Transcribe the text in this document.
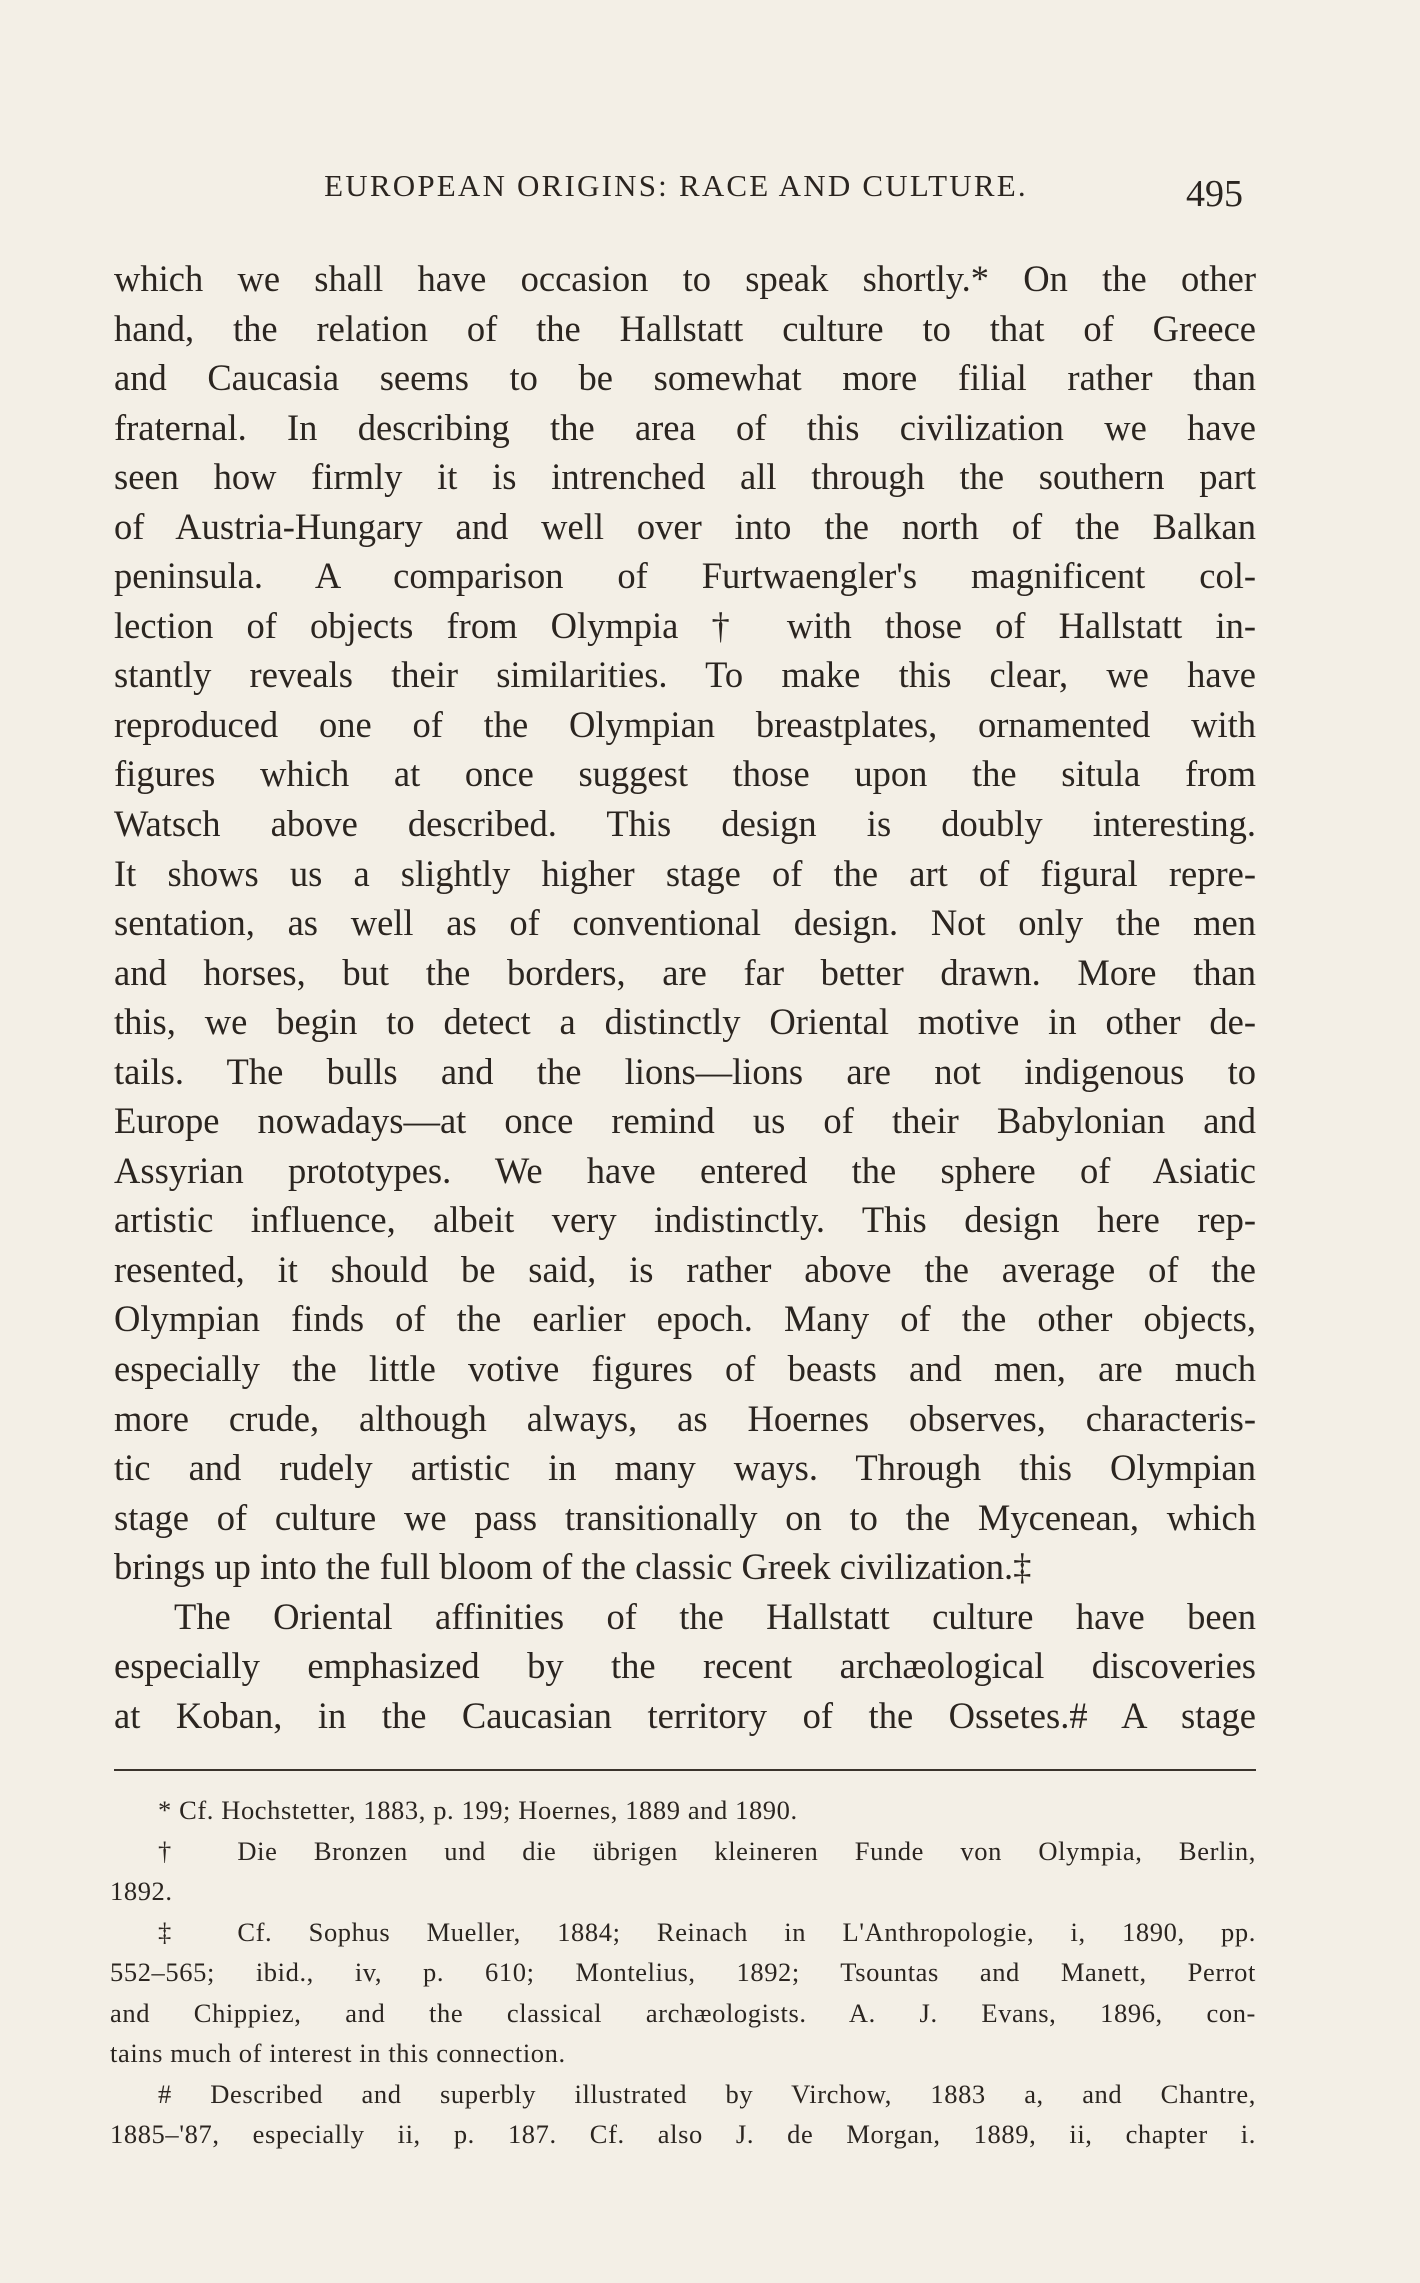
EUROPEAN ORIGINS: RACE AND CULTURE.	495
which we shall have occasion to speak shortly.* On the other
hand, the relation of the Hallstatt culture to that of Greece
and Caucasia seems to be somewhat more filial rather than
fraternal. In describing the area of this civilization we have
seen how firmly it is intrenched all through the southern part
of Austria-Hungary and well over into the north of the Balkan
peninsula. A comparison of Furtwaengler's magnificent col-
lection of objects from Olympia † with those of Hallstatt in-
stantly reveals their similarities. To make this clear, we have
reproduced one of the Olympian breastplates, ornamented with
figures which at once suggest those upon the situla from
Watsch above described. This design is doubly interesting.
It shows us a slightly higher stage of the art of figural repre-
sentation, as well as of conventional design. Not only the men
and horses, but the borders, are far better drawn. More than
this, we begin to detect a distinctly Oriental motive in other de-
tails. The bulls and the lions—lions are not indigenous to
Europe nowadays—at once remind us of their Babylonian and
Assyrian prototypes. We have entered the sphere of Asiatic
artistic influence, albeit very indistinctly. This design here rep-
resented, it should be said, is rather above the average of the
Olympian finds of the earlier epoch. Many of the other objects,
especially the little votive figures of beasts and men, are much
more crude, although always, as Hoernes observes, characteris-
tic and rudely artistic in many ways. Through this Olympian
stage of culture we pass transitionally on to the Mycenean, which
brings up into the full bloom of the classic Greek civilization.‡
The Oriental affinities of the Hallstatt culture have been
especially emphasized by the recent archæological discoveries
at Koban, in the Caucasian territory of the Ossetes.# A stage
* Cf. Hochstetter, 1883, p. 199; Hoernes, 1889 and 1890.
† Die Bronzen und die übrigen kleineren Funde von Olympia, Berlin,
1892.
‡ Cf. Sophus Mueller, 1884; Reinach in L'Anthropologie, i, 1890, pp.
552–565; ibid., iv, p. 610; Montelius, 1892; Tsountas and Manett, Perrot
and Chippiez, and the classical archæologists. A. J. Evans, 1896, con-
tains much of interest in this connection.
# Described and superbly illustrated by Virchow, 1883 a, and Chantre,
1885–'87, especially ii, p. 187. Cf. also J. de Morgan, 1889, ii, chapter i.
